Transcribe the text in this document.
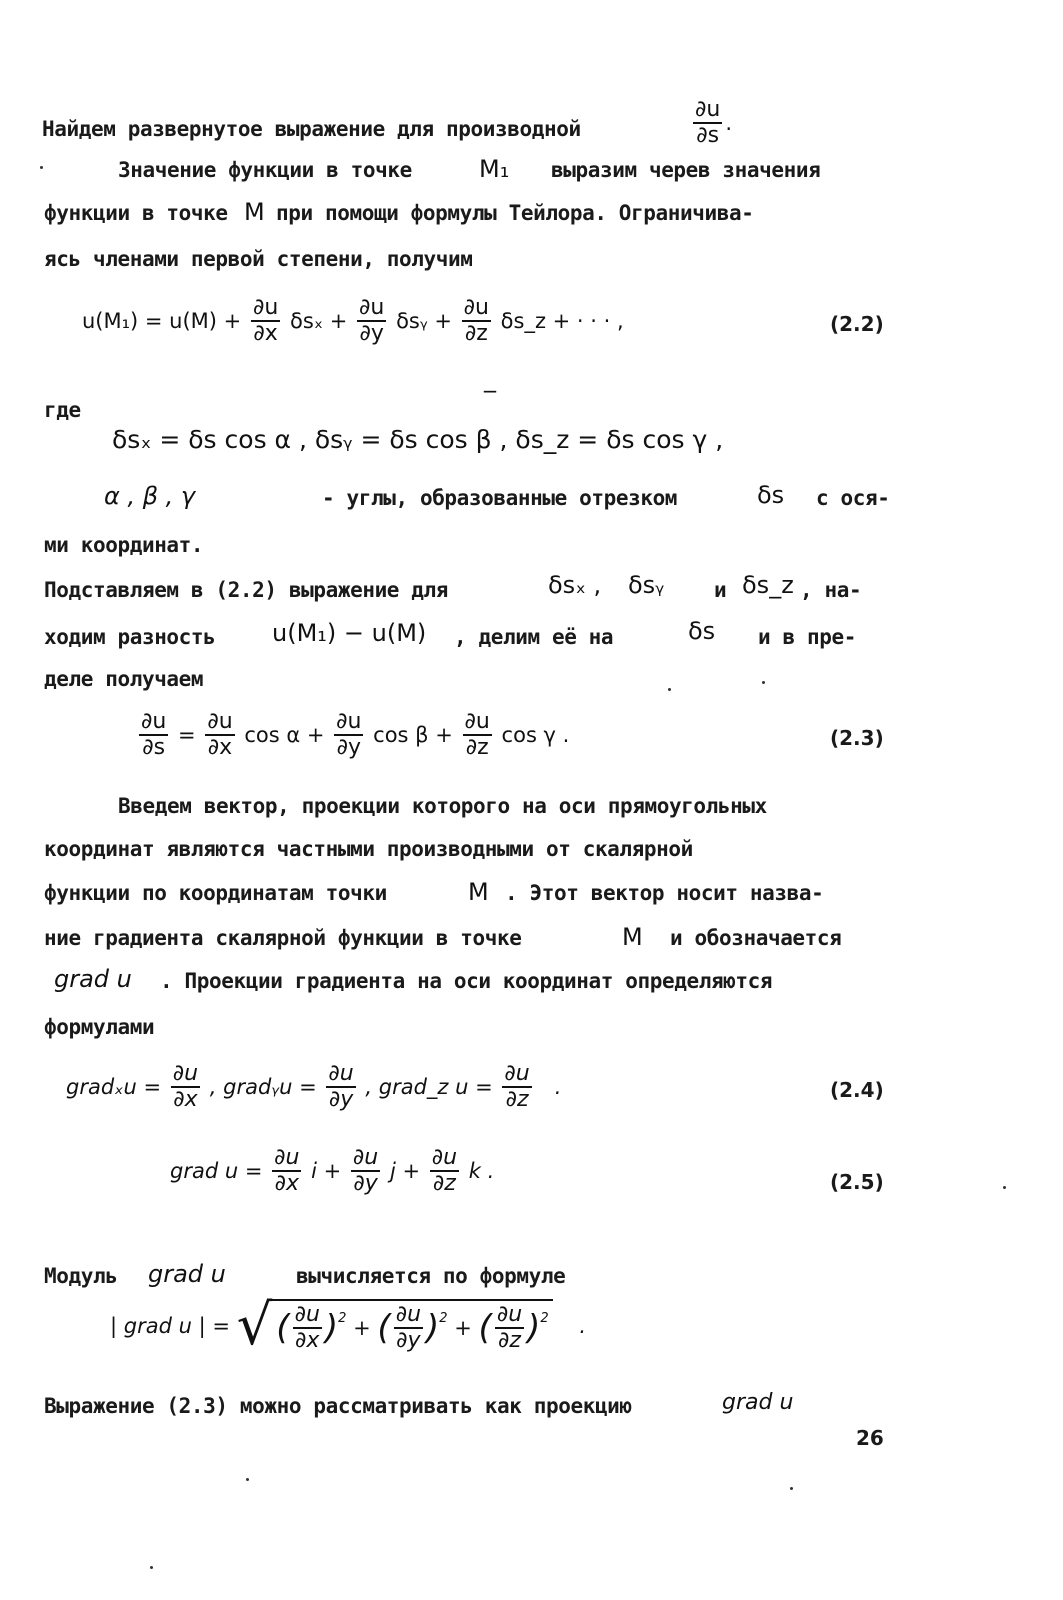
Найдем развернутое выражение для производной	$\frac{\partial u}{\partial s}$ .
Значение функции в точке	M₁ выразим черев значения
функции в точке M при помощи формулы Тейлора. Ограничива-
ясь членами первой степени, получим
$u(M_1) = u(M) + \frac{\partial u}{\partial x}$ $\delta s_x + \frac{\partial u}{\partial y}$ δsᵧ + $\frac{\partial u}{\partial z}$ δs_z + · · · ,	(2.2)
где	‾
δsₓ = δs cos α , δsᵧ = δs cos β , δs_z = δs cos γ ,
α , β , γ	- углы, образованные отрезком	δs с ося-
ми координат.
Подставляем в (2.2) выражение для	δsₓ , δsᵧ и δs_z , на-
ходим разность u(M₁) − u(M) , делим её на	δs и в пре-
деле получаем
$\frac{\partial u}{\partial s} = \frac{\partial u}{\partial x}$ $\cos \alpha + \frac{\partial u}{\partial y}$ $\cos \beta + \frac{\partial u}{\partial z}$ cos γ .	(2.3)
Введем вектор, проекции которого на оси прямоугольных
координат являются частными производными от скалярной
функции по координатам точки	M . Этот вектор носит назва-
ние градиента скалярной функции в точке	M и обозначается
grad u . Проекции градиента на оси координат определяются
формулами
gradₓu = $\frac{\partial u}{\partial x}$ , gradᵧu = $\frac{\partial u}{\partial y}$ , grad_z $u = \frac{\partial u}{\partial z}$ .	(2.4)
grad $u = \frac{\partial u}{\partial x}$ $i + \frac{\partial u}{\partial y}$ $j + \frac{\partial u}{\partial z}$ k .	(2.5)
Модуль grad u	вычисляется по формуле
| grad u | = √ ( $\frac{\partial u}{\partial x} )^2$ + ( $\frac{\partial u}{\partial y} )^2$ + ( $\frac{\partial u}{\partial z} )^2$    .
Выражение (2.3) можно рассматривать как проекцию	grad u
26
